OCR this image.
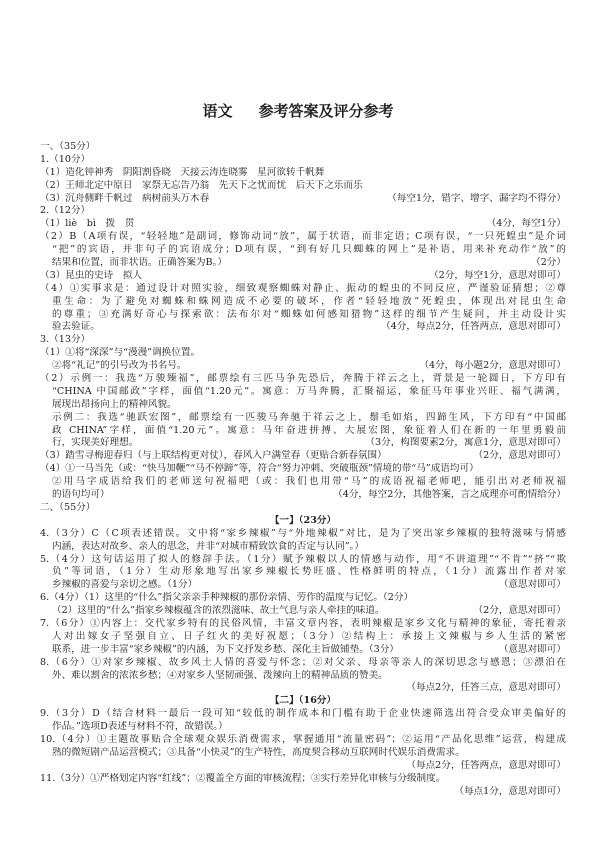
语文 参考答案及评分参考
一、（35分）
1.（10分）
（1）造化钟神秀　阴阳割昏晓　天接云涛连晓雾　星河欲转千帆舞
（2）王师北定中原日　家祭无忘告乃翁　先天下之忧而忧　后天下之乐而乐
（3）沉舟侧畔千帆过　病树前头万木春	（每空1分，错字、增字、漏字均不得分）
2.（12分）
（1）liè　bì　拨　贯	（4分，每空1分）
（2）B（A项有误，“轻轻地”是副词，修饰动词“放”，属于状语，而非定语；C项有误，“一只死蝗虫”是介词
“把”的宾语，并非句子的宾语成分；D项有误，“到有好几只蜘蛛的网上”是补语，用来补充动作“放”的
结果和位置，而非状语。正确答案为B。）	（2分）
（3）昆虫的史诗　拟人	（2分，每空1分，意思对即可）
（4）①实事求是：通过设计对照实验，细致观察蜘蛛对静止、振动的蝗虫的不同反应，严谨验证猜想；②尊
重生命：为了避免对蜘蛛和蛛网造成不必要的破坏，作者“轻轻地放”死蝗虫，体现出对昆虫生命
的尊重；③充满好奇心与探索欲：法布尔对“蜘蛛如何感知猎物”这样的细节产生疑问，并主动设计实
验去验证。	（4分，每点2分，任答两点，意思对即可）
3.（13分）
（1）①将“深深”与“漫漫”调换位置。
②将“礼记”的引号改为书名号。	（4分，每小题2分，意思对即可）
（2）示例一：我选“万骏臻福”，邮票绘有三匹马争先恐后，奔腾于祥云之上，背景是一轮圆日，下方印有
“CHINA 中国邮政”字样，面值“1.20元”。寓意：万马奔腾，汇聚福运，象征马年事业兴旺、福气满满，
展现出昂扬向上的精神风貌。
示例二：我选“驰跃宏图”，邮票绘有一匹骏马奔驰于祥云之上，鬃毛如焰，四蹄生风，下方印有“中国邮
政 CHINA”字样，面值“1.20元”。寓意：马年奋进拼搏、大展宏图，象征着人们在新的一年里勇毅前
行，实现美好理想。	（3分，构图要素2分，寓意1分，意思对即可）
（3）踏雪寻梅迎春归（与上联结构更对仗），春风入户满堂春（更贴合新春氛围）	（2分，意思对即可）
（4）①一马当先（或：“快马加鞭”“马不停蹄”等，符合“努力冲刺、突破瓶颈”情境的带“马”成语均可）
②用马字成语给我们的老师送句祝福吧（或：我们也用带“马”的成语祝福老师吧，能引出对老师祝福
的语句均可）	（4分，每空2分，其他答案，言之成理亦可酌情给分）
二、（55分）
【一】（23分）
4.（3分）C（C项表述错误。文中将“家乡辣椒”与“外地辣椒”对比，是为了突出家乡辣椒的独特滋味与情感
内涵，表达对故乡、亲人的思念，并非“对城市精致饮食的否定与认同”。）
5.（4分）这句话运用了拟人的修辞手法。（1分）赋予辣椒以人的情感与动作，用“不讲道理”“不肯”“挤”“欺
负”等词语，（1分）生动形象地写出家乡辣椒长势旺盛、性格鲜明的特点，（1分）流露出作者对家
乡辣椒的喜爱与亲切之感。（1分）	（意思对即可）
6.（4分）（1）这里的“什么”指父亲亲手种辣椒的那份亲情、劳作的温度与记忆。（2分）
（2）这里的“什么”指家乡辣椒蕴含的浓烈滋味、故土气息与亲人牵挂的味道。	（2分，意思对即可）
7.（6分）①内容上：交代家乡特有的民俗风情，丰富文章内容，表明辣椒是家乡文化与精神的象征，寄托着亲
人对出嫁女子坚强自立、日子红火的美好祝愿；（3分）②结构上：承接上文辣椒与乡人生活的紧密
联系，进一步丰富“家乡辣椒”的内涵，为下文抒发乡愁、深化主旨做铺垫。（3分）	（意思对即可）
8.（6分）①对家乡辣椒、故乡风土人情的喜爱与怀念；②对父亲、母亲等亲人的深切思念与感恩；③漂泊在
外、难以割舍的浓浓乡愁；④对家乡人坚韧顽强、泼辣向上的精神品质的赞美。
（每点2分，任答三点，意思对即可）
【二】（16分）
9.（3分）D（结合材料一最后一段可知“较低的制作成本和门槛有助于企业快速筛选出符合受众审美偏好的
作品。”选项D表述与材料不符，故错误。）
10.（4分）①主题故事贴合全球观众娱乐消费需求，掌握通用“流量密码”；②运用“产品化思维”运营，构建成
熟的微短剧产品运营模式；③具备“小快灵”的生产特性，高度契合移动互联网时代娱乐消费需求。
（每点2分，任答两点，意思对即可）
11.（3分）①严格划定内容“红线”；②覆盖全方面的审核流程；③实行差异化审核与分级制度。
（每点1分，意思对即可）
